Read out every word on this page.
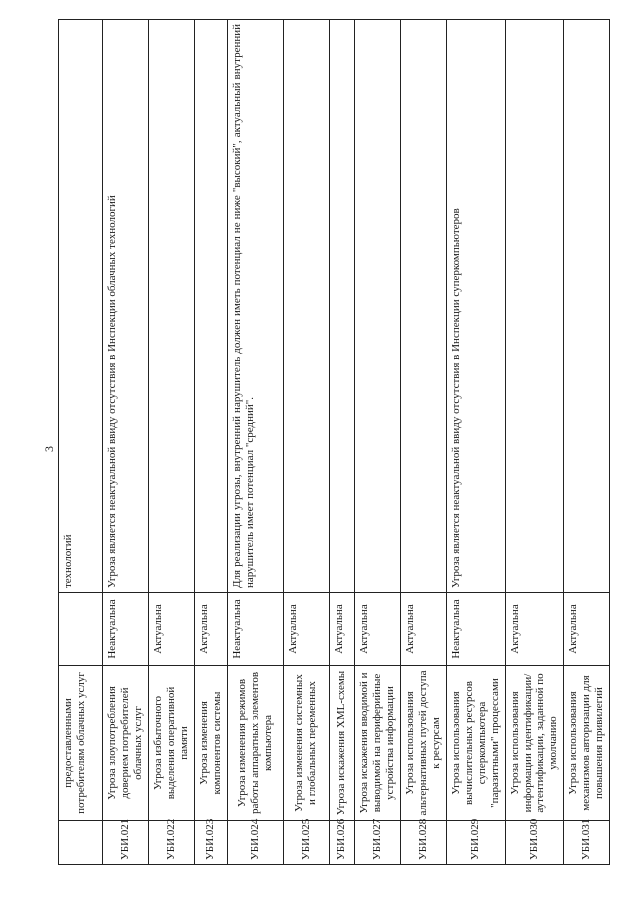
3
	предоставленными потребителям облачных услуг		технологий
УБИ.021	Угроза злоупотребления доверием потребителей облачных услуг	Неактуальна	Угроза является неактуальной ввиду отсутствия в Инспекции облачных технологий
УБИ.022	Угроза избыточного выделения оперативной памяти	Актуальна	
УБИ.023	Угроза изменения компонентов системы	Актуальна	
УБИ.024	Угроза изменения режимов работы аппаратных элементов компьютера	Неактуальна	Для реализации угрозы, внутренний нарушитель должен иметь потенциал не ниже "высокий", актуальный внутренний нарушитель имеет потенциал "средний".
УБИ.025	Угроза изменения системных и глобальных переменных	Актуальна	
УБИ.026	Угроза искажения XML-схемы	Актуальна	
УБИ.027	Угроза искажения вводимой и выводимой на периферийные устройства информации	Актуальна	
УБИ.028	Угроза использования альтернативных путей доступа к ресурсам	Актуальна	
УБИ.029	Угроза использования вычислительных ресурсов суперкомпьютера "паразитными" процессами	Неактуальна	Угроза является неактуальной ввиду отсутствия в Инспекции суперкомпьютеров
УБИ.030	Угроза использования информации идентификации/аутентификации, заданной по умолчанию	Актуальна	
УБИ.031	Угроза использования механизмов авторизации для повышения привилегий	Актуальна	
